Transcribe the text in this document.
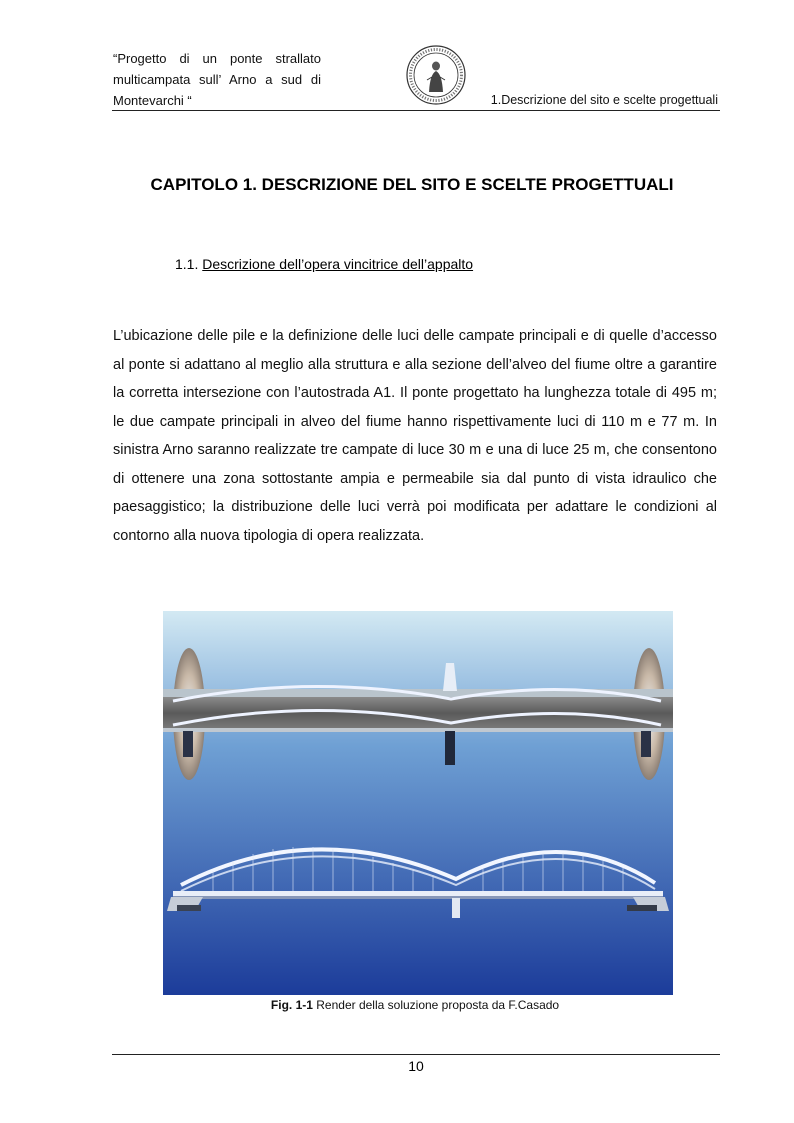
“Progetto di un ponte strallato multicampata sull’ Arno a sud di Montevarchi “	1.Descrizione del sito e scelte progettuali
CAPITOLO 1. DESCRIZIONE DEL SITO E SCELTE PROGETTUALI
1.1. Descrizione dell’opera vincitrice dell’appalto
L’ubicazione delle pile e la definizione delle luci delle campate principali e di quelle d’accesso al ponte si adattano al meglio alla struttura e alla sezione dell’alveo del fiume oltre a garantire la corretta intersezione con l’autostrada A1. Il ponte progettato ha lunghezza totale di 495 m; le due campate principali in alveo del fiume hanno rispettivamente luci di 110 m e 77 m. In sinistra Arno saranno realizzate tre campate di luce 30 m e una di luce 25 m, che consentono di ottenere una zona sottostante ampia e permeabile sia dal punto di vista idraulico che paesaggistico; la distribuzione delle luci verrà poi modificata per adattare le condizioni al contorno alla nuova tipologia di opera realizzata.
Fig. 1-1 Render della soluzione proposta da F.Casado
10
